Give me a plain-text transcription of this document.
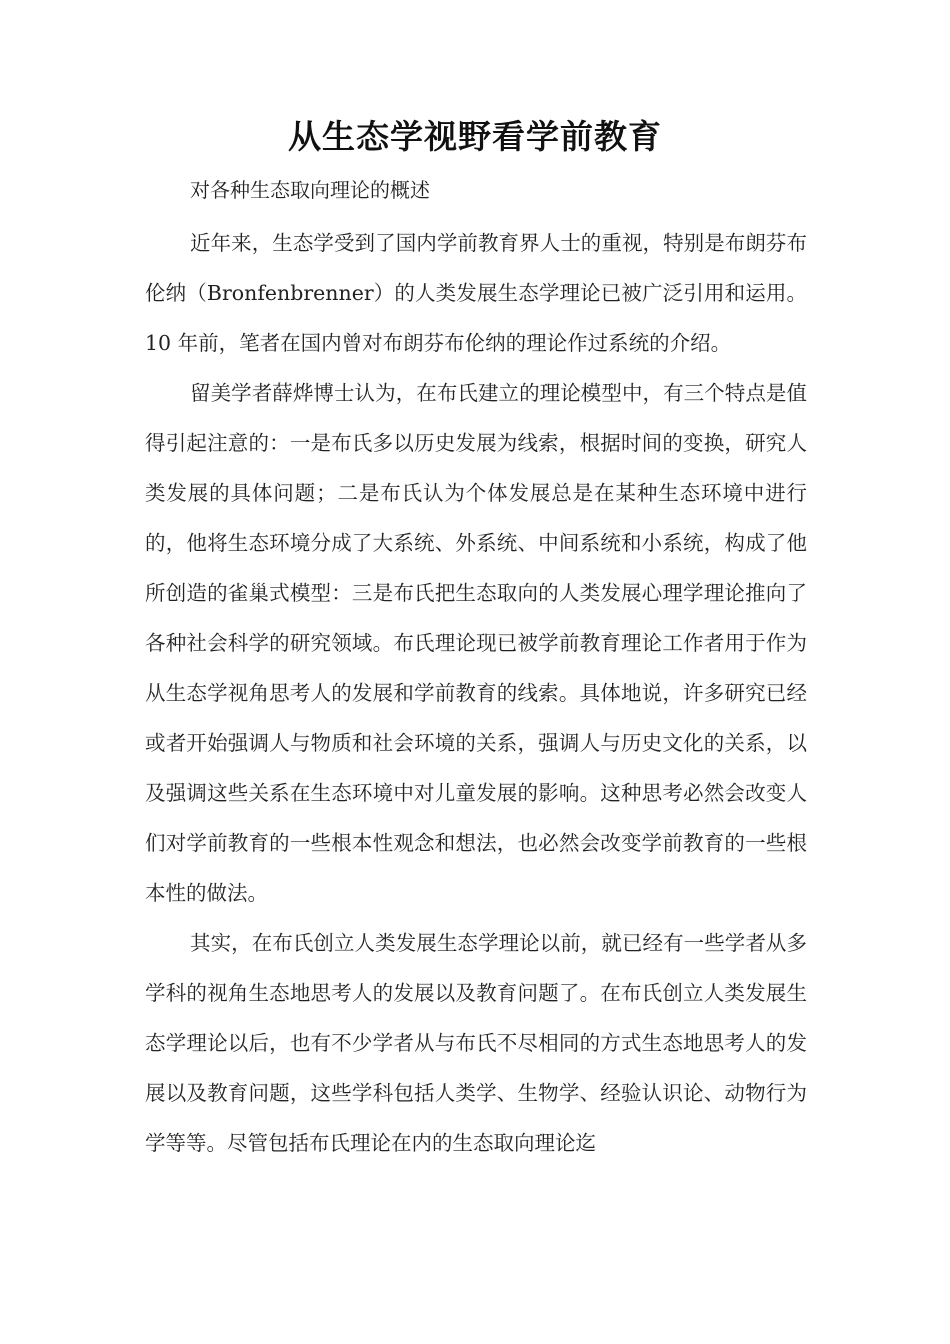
从生态学视野看学前教育
对各种生态取向理论的概述

近年来，生态学受到了国内学前教育界人士的重视，特别是布朗芬布伦纳（Bronfenbrenner）的人类发展生态学理论已被广泛引用和运用。10 年前，笔者在国内曾对布朗芬布伦纳的理论作过系统的介绍。

留美学者薛烨博士认为，在布氏建立的理论模型中，有三个特点是值得引起注意的：一是布氏多以历史发展为线索，根据时间的变换，研究人类发展的具体问题；二是布氏认为个体发展总是在某种生态环境中进行的，他将生态环境分成了大系统、外系统、中间系统和小系统，构成了他所创造的雀巢式模型：三是布氏把生态取向的人类发展心理学理论推向了各种社会科学的研究领域。布氏理论现已被学前教育理论工作者用于作为从生态学视角思考人的发展和学前教育的线索。具体地说，许多研究已经或者开始强调人与物质和社会环境的关系，强调人与历史文化的关系，以及强调这些关系在生态环境中对儿童发展的影响。这种思考必然会改变人们对学前教育的一些根本性观念和想法，也必然会改变学前教育的一些根本性的做法。

其实，在布氏创立人类发展生态学理论以前，就已经有一些学者从多学科的视角生态地思考人的发展以及教育问题了。在布氏创立人类发展生态学理论以后，也有不少学者从与布氏不尽相同的方式生态地思考人的发展以及教育问题，这些学科包括人类学、生物学、经验认识论、动物行为学等等。尽管包括布氏理论在内的生态取向理论迄
